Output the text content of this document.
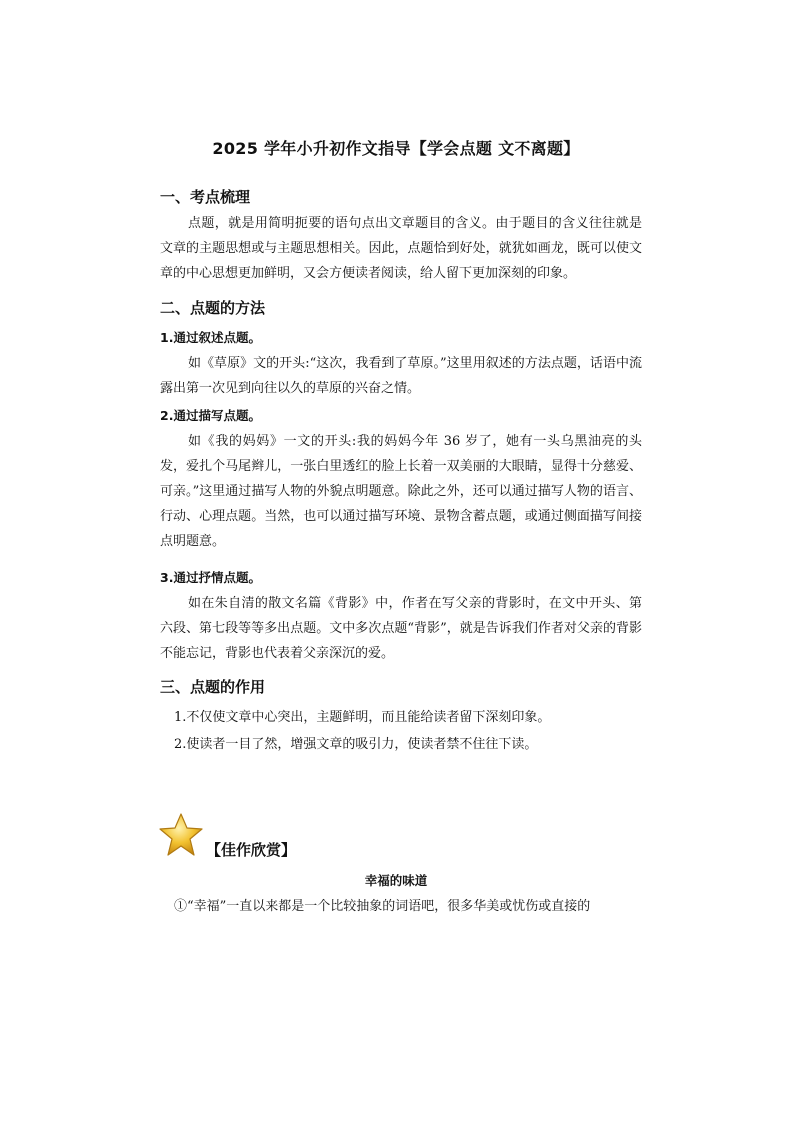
2025 学年小升初作文指导【学会点题 文不离题】
一、考点梳理
点题，就是用简明扼要的语句点出文章题目的含义。由于题目的含义往往就是文章的主题思想或与主题思想相关。因此，点题恰到好处，就犹如画龙，既可以使文章的中心思想更加鲜明，又会方便读者阅读，给人留下更加深刻的印象。
二、点题的方法
1.通过叙述点题。
如《草原》文的开头:“这次，我看到了草原。”这里用叙述的方法点题，话语中流露出第一次见到向往以久的草原的兴奋之情。
2.通过描写点题。
如《我的妈妈》一文的开头:我的妈妈今年 36 岁了，她有一头乌黑油亮的头发，爱扎个马尾辫儿，一张白里透红的脸上长着一双美丽的大眼睛，显得十分慈爱、可亲。”这里通过描写人物的外貌点明题意。除此之外，还可以通过描写人物的语言、行动、心理点题。当然，也可以通过描写环境、景物含蓄点题，或通过侧面描写间接点明题意。
3.通过抒情点题。
如在朱自清的散文名篇《背影》中，作者在写父亲的背影时，在文中开头、第六段、第七段等等多出点题。文中多次点题“背影”，就是告诉我们作者对父亲的背影不能忘记，背影也代表着父亲深沉的爱。
三、点题的作用
1.不仅使文章中心突出，主题鲜明，而且能给读者留下深刻印象。
2.使读者一目了然，增强文章的吸引力，使读者禁不住往下读。
【佳作欣赏】
幸福的味道
①“幸福”一直以来都是一个比较抽象的词语吧，很多华美或忧伤或直接的
